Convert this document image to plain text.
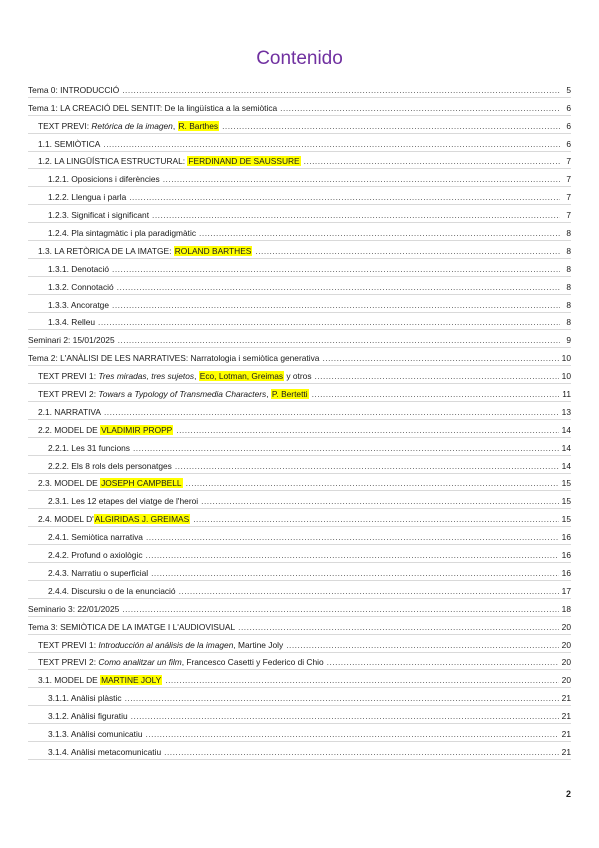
Contenido
Tema 0: INTRODUCCIÓ .....	5
Tema 1: LA CREACIÓ DEL SENTIT: De la lingüística a la semiòtica .....	6
TEXT PREVI: Retórica de la imagen, R. Barthes .....	6
1.1. SEMIÒTICA .....	6
1.2. LA LINGÜÍSTICA ESTRUCTURAL: FERDINAND DE SAUSSURE .....	7
1.2.1. Oposicions i diferències .....	7
1.2.2. Llengua i parla .....	7
1.2.3. Significat i significant .....	7
1.2.4. Pla sintagmàtic i pla paradigmàtic .....	8
1.3. LA RETÒRICA DE LA IMATGE: ROLAND BARTHES .....	8
1.3.1. Denotació .....	8
1.3.2. Connotació .....	8
1.3.3. Ancoratge .....	8
1.3.4. Relleu .....	8
Seminari 2: 15/01/2025 .....	9
Tema 2: L'ANÀLISI DE LES NARRATIVES: Narratologia i semiòtica generativa .....	10
TEXT PREVI 1: Tres miradas, tres sujetos, Eco, Lotman, Greimas y otros .....	10
TEXT PREVI 2: Towars a Typology of Transmedia Characters, P. Bertetti .....	11
2.1. NARRATIVA .....	13
2.2. MODEL DE VLADIMIR PROPP .....	14
2.2.1. Les 31 funcions .....	14
2.2.2. Els 8 rols dels personatges .....	14
2.3. MODEL DE JOSEPH CAMPBELL .....	15
2.3.1. Les 12 etapes del viatge de l'heroi .....	15
2.4. MODEL D'ALGIRIDAS J. GREIMAS .....	15
2.4.1. Semiòtica narrativa .....	16
2.4.2. Profund o axiològic .....	16
2.4.3. Narratiu o superficial .....	16
2.4.4. Discursiu o de la enunciació .....	17
Seminario 3: 22/01/2025 .....	18
Tema 3: SEMIÒTICA DE LA IMATGE I L'AUDIOVISUAL .....	20
TEXT PREVI 1: Introducción al análisis de la imagen, Martine Joly .....	20
TEXT PREVI 2: Como analitzar un film, Francesco Casetti y Federico di Chio .....	20
3.1. MODEL DE MARTINE JOLY .....	20
3.1.1. Anàlisi plàstic .....	21
3.1.2. Anàlisi figuratiu .....	21
3.1.3. Anàlisi comunicatiu .....	21
3.1.4. Anàlisi metacomunicatiu .....	21
2
